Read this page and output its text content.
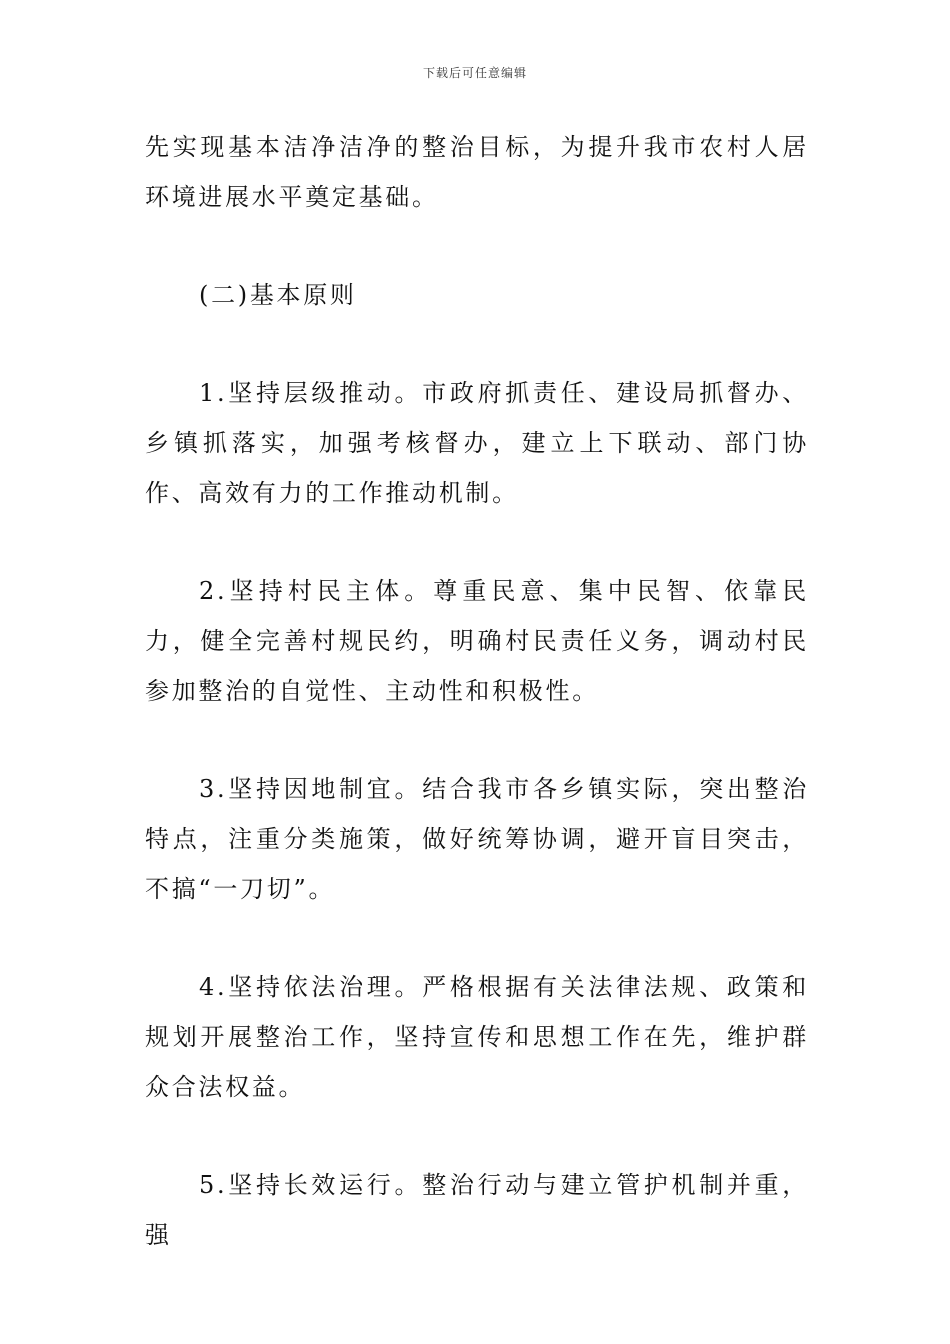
下载后可任意编辑

先实现基本洁净洁净的整治目标，为提升我市农村人居环境进展水平奠定基础。

(二)基本原则

1.坚持层级推动。市政府抓责任、建设局抓督办、乡镇抓落实，加强考核督办，建立上下联动、部门协作、高效有力的工作推动机制。

2.坚持村民主体。尊重民意、集中民智、依靠民力，健全完善村规民约，明确村民责任义务，调动村民参加整治的自觉性、主动性和积极性。

3.坚持因地制宜。结合我市各乡镇实际，突出整治特点，注重分类施策，做好统筹协调，避开盲目突击，不搞“一刀切”。

4.坚持依法治理。严格根据有关法律法规、政策和规划开展整治工作，坚持宣传和思想工作在先，维护群众合法权益。

5.坚持长效运行。整治行动与建立管护机制并重，强
